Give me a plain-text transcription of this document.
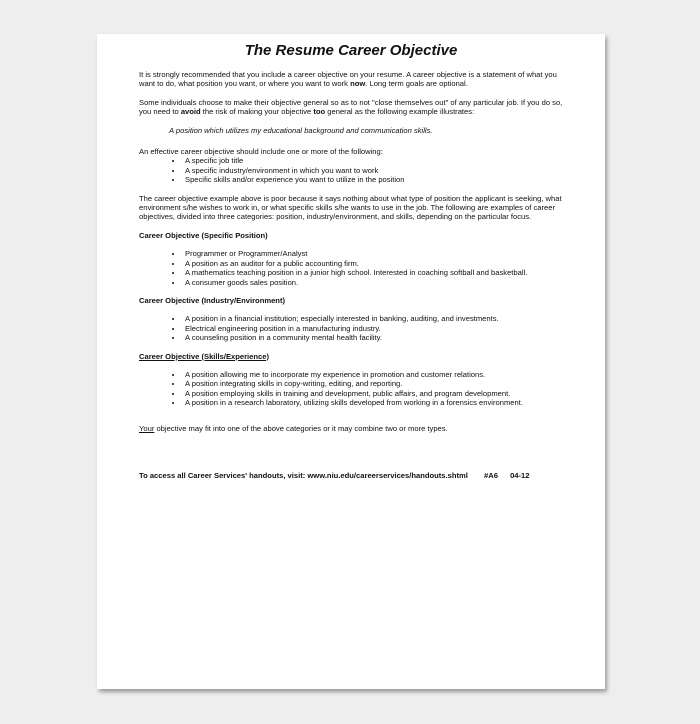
The Resume Career Objective

It is strongly recommended that you include a career objective on your resume. A career objective is a statement of what you want to do, what position you want, or where you want to work now. Long term goals are optional.

Some individuals choose to make their objective general so as to not "close themselves out" of any particular job. If you do so, you need to avoid the risk of making your objective too general as the following example illustrates:

A position which utilizes my educational background and communication skills.
An effective career objective should include one or more of the following:
• A specific job title
• A specific industry/environment in which you want to work
• Specific skills and/or experience you want to utilize in the position

The career objective example above is poor because it says nothing about what type of position the applicant is seeking, what environment s/he wishes to work in, or what specific skills s/he wants to use in the job. The following are examples of career objectives, divided into three categories: position, industry/environment, and skills, depending on the particular focus.

Career Objective (Specific Position)
• Programmer or Programmer/Analyst
• A position as an auditor for a public accounting firm.
• A mathematics teaching position in a junior high school. Interested in coaching softball and basketball.
• A consumer goods sales position.
Career Objective (Industry/Environment)
• A position in a financial institution; especially interested in banking, auditing, and investments.
• Electrical engineering position in a manufacturing industry.
• A counseling position in a community mental health facility.
Career Objective (Skills/Experience)
• A position allowing me to incorporate my experience in promotion and customer relations.
• A position integrating skills in copy-writing, editing, and reporting.
• A position employing skills in training and development, public affairs, and program development.
• A position in a research laboratory, utilizing skills developed from working in a forensics environment.

Your objective may fit into one of the above categories or it may combine two or more types.

To access all Career Services' handouts, visit: www.niu.edu/careerservices/handouts.shtml #A6 04-12
